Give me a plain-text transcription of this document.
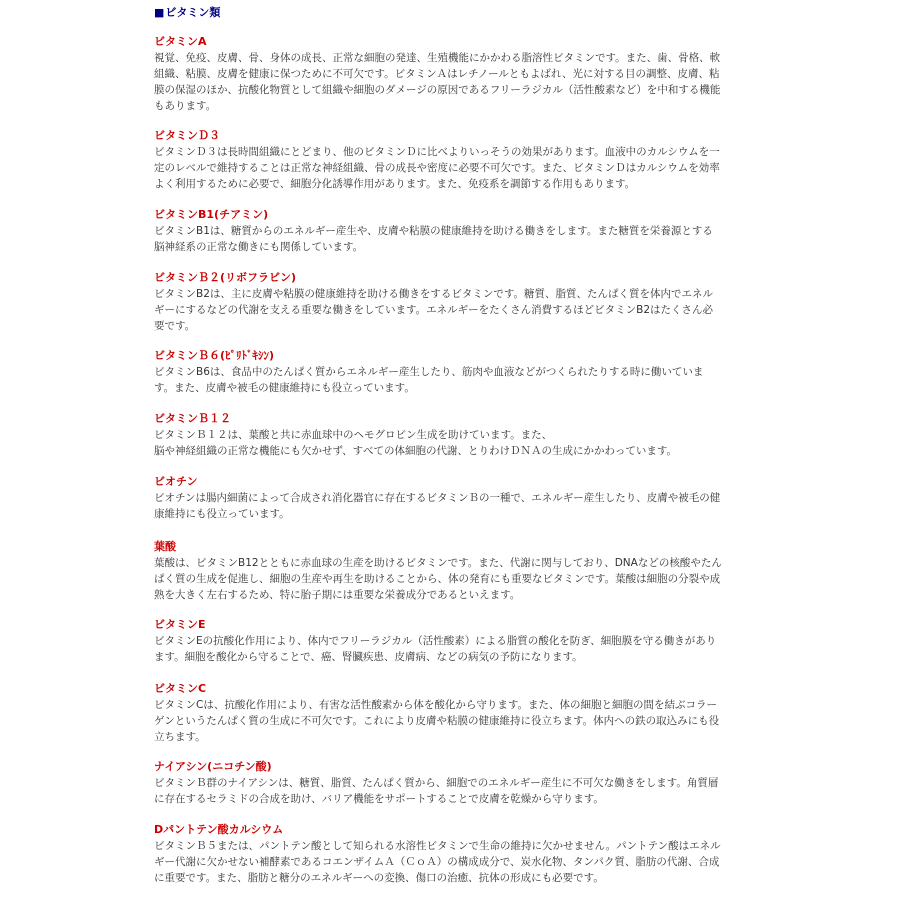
■ビタミン類
ビタミンA
視覚、免疫、皮膚、骨、身体の成長、正常な細胞の発達、生殖機能にかかわる脂溶性ビタミンです。また、歯、骨格、軟
組織、粘膜、皮膚を健康に保つために不可欠です。ビタミンＡはレチノールともよばれ、光に対する目の調整、皮膚、粘
膜の保湿のほか、抗酸化物質として組織や細胞のダメージの原因であるフリーラジカル（活性酸素など）を中和する機能
もあります。
ビタミンＤ３
ビタミンＤ３は長時間組織にとどまり、他のビタミンＤに比べよりいっそうの効果があります。血液中のカルシウムを一
定のレベルで維持することは正常な神経組織、骨の成長や密度に必要不可欠です。また、ビタミンＤはカルシウムを効率
よく利用するために必要で、細胞分化誘導作用があります。また、免疫系を調節する作用もあります。
ビタミンB1(チアミン)
ビタミンB1は、糖質からのエネルギー産生や、皮膚や粘膜の健康維持を助ける働きをします。また糖質を栄養源とする
脳神経系の正常な働きにも関係しています。
ビタミンＢ２(リボフラビン)
ビタミンB2は、主に皮膚や粘膜の健康維持を助ける働きをするビタミンです。糖質、脂質、たんぱく質を体内でエネル
ギーにするなどの代謝を支える重要な働きをしています。エネルギーをたくさん消費するほどビタミンB2はたくさん必
要です。
ビタミンＢ６(ﾋﾟﾘﾄﾞｷｼﾝ)
ビタミンB6は、食品中のたんぱく質からエネルギー産生したり、筋肉や血液などがつくられたりする時に働いていま
す。また、皮膚や被毛の健康維持にも役立っています。
ビタミンＢ１２
ビタミンＢ１２は、葉酸と共に赤血球中のヘモグロビン生成を助けています。また、
脳や神経組織の正常な機能にも欠かせず、すべての体細胞の代謝、とりわけＤＮＡの生成にかかわっています。
ビオチン
ビオチンは腸内細菌によって合成され消化器官に存在するビタミンＢの一種で、エネルギー産生したり、皮膚や被毛の健
康維持にも役立っています。
葉酸
葉酸は、ビタミンB12とともに赤血球の生産を助けるビタミンです。また、代謝に関与しており、DNAなどの核酸やたん
ぱく質の生成を促進し、細胞の生産や再生を助けることから、体の発育にも重要なビタミンです。葉酸は細胞の分裂や成
熟を大きく左右するため、特に胎子期には重要な栄養成分であるといえます。
ビタミンE
ビタミンEの抗酸化作用により、体内でフリーラジカル（活性酸素）による脂質の酸化を防ぎ、細胞膜を守る働きがあり
ます。細胞を酸化から守ることで、癌、腎臓疾患、皮膚病、などの病気の予防になります。
ビタミンC
ビタミンCは、抗酸化作用により、有害な活性酸素から体を酸化から守ります。また、体の細胞と細胞の間を結ぶコラー
ゲンというたんぱく質の生成に不可欠です。これにより皮膚や粘膜の健康維持に役立ちます。体内への鉄の取込みにも役
立ちます。
ナイアシン(ニコチン酸)
ビタミンＢ群のナイアシンは、糖質、脂質、たんぱく質から、細胞でのエネルギー産生に不可欠な働きをします。角質層
に存在するセラミドの合成を助け、バリア機能をサポートすることで皮膚を乾燥から守ります。
Dパントテン酸カルシウム
ビタミンＢ５または、パントテン酸として知られる水溶性ビタミンで生命の維持に欠かせません。パントテン酸はエネル
ギー代謝に欠かせない補酵素であるコエンザイムＡ（ＣｏＡ）の構成成分で、炭水化物、タンパク質、脂肪の代謝、合成
に重要です。また、脂肪と糖分のエネルギーへの変換、傷口の治癒、抗体の形成にも必要です。
